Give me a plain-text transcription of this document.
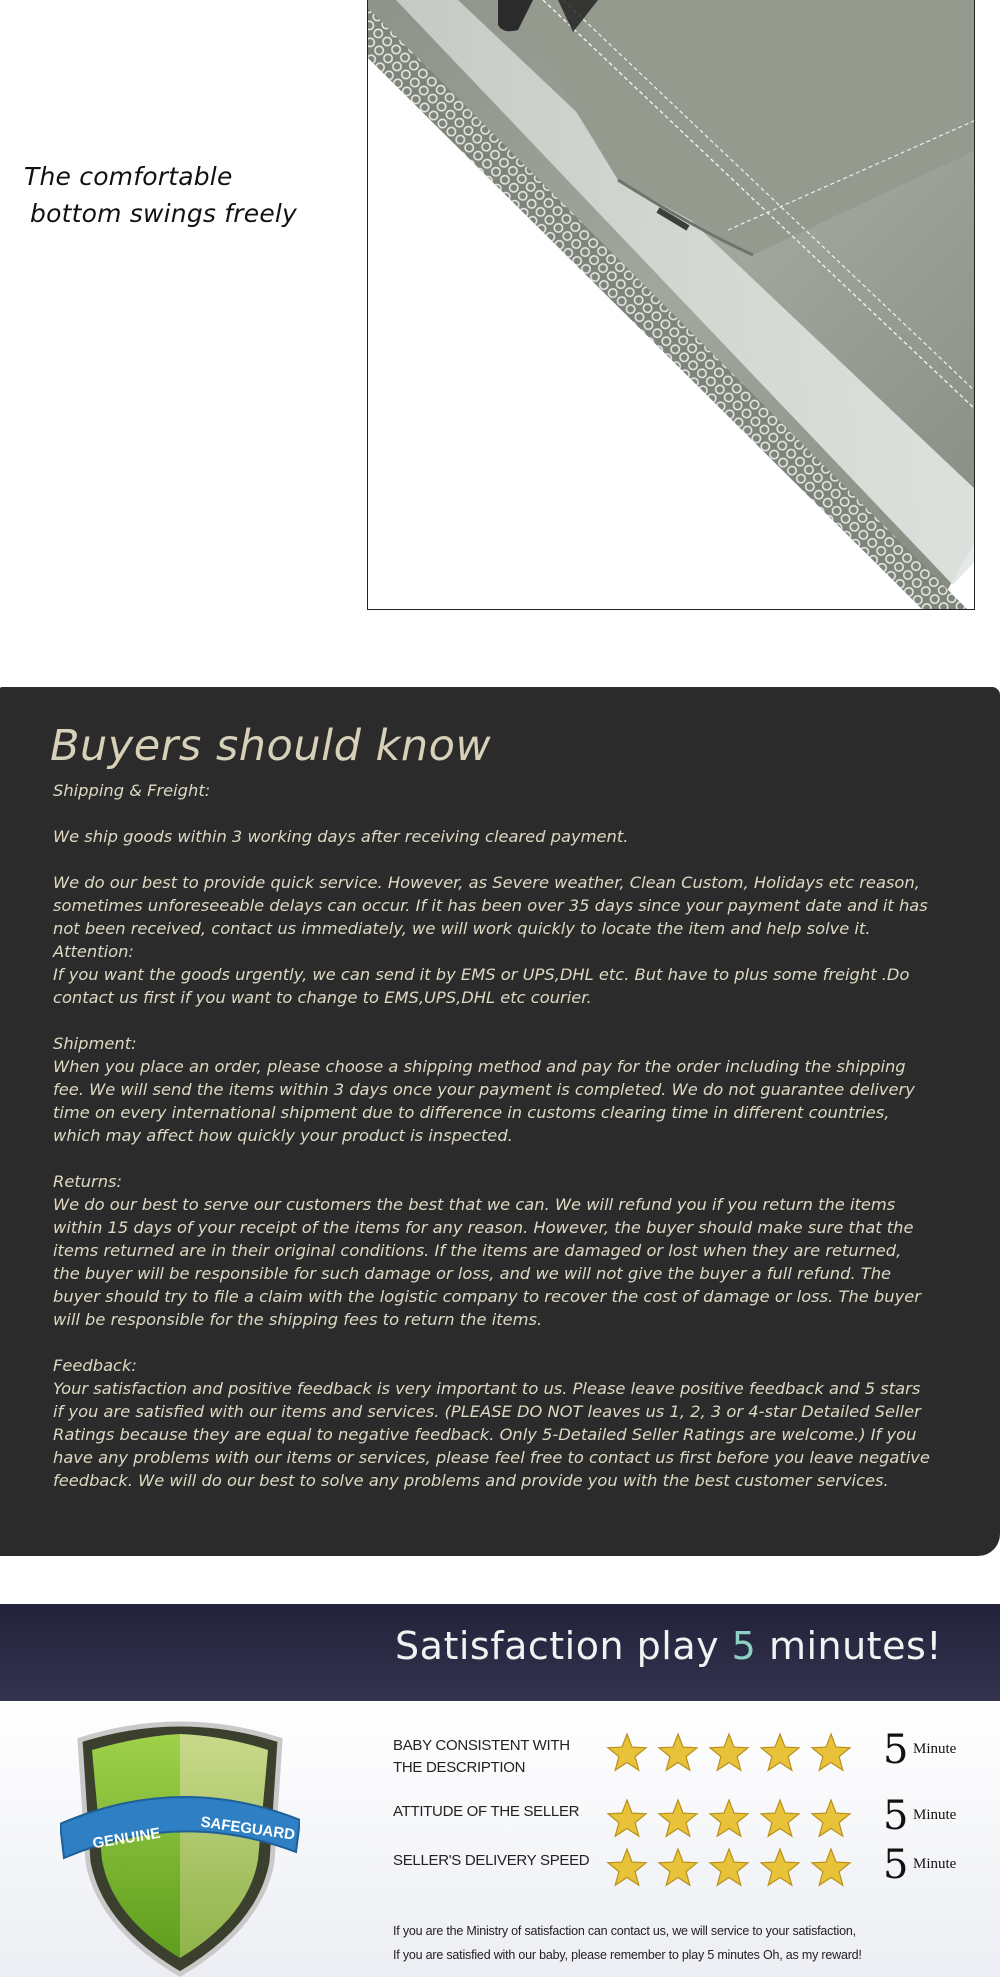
The comfortable
bottom swings freely
Buyers should know

Shipping & Freight:

We ship goods within 3 working days after receiving cleared payment.

We do our best to provide quick service. However, as Severe weather, Clean Custom, Holidays etc reason, sometimes unforeseeable delays can occur. If it has been over 35 days since your payment date and it has not been received, contact us immediately, we will work quickly to locate the item and help solve it.

Attention:

If you want the goods urgently, we can send it by EMS or UPS,DHL etc. But have to plus some freight .Do contact us first if you want to change to EMS,UPS,DHL etc courier.

Shipment:

When you place an order, please choose a shipping method and pay for the order including the shipping fee. We will send the items within 3 days once your payment is completed. We do not guarantee delivery time on every international shipment due to difference in customs clearing time in different countries, which may affect how quickly your product is inspected.

Returns:

We do our best to serve our customers the best that we can. We will refund you if you return the items within 15 days of your receipt of the items for any reason. However, the buyer should make sure that the items returned are in their original conditions. If the items are damaged or lost when they are returned, the buyer will be responsible for such damage or loss, and we will not give the buyer a full refund. The buyer should try to file a claim with the logistic company to recover the cost of damage or loss. The buyer will be responsible for the shipping fees to return the items.

Feedback:

Your satisfaction and positive feedback is very important to us. Please leave positive feedback and 5 stars if you are satisfied with our items and services. (PLEASE DO NOT leaves us 1, 2, 3 or 4-star Detailed Seller Ratings because they are equal to negative feedback. Only 5-Detailed Seller Ratings are welcome.) If you have any problems with our items or services, please feel free to contact us first before you leave negative feedback. We will do our best to solve any problems and provide you with the best customer services.

Satisfaction play 5 minutes!
GENUINE	SAFEGUARD
BABY CONSISTENT WITH THE DESCRIPTION	5 Minute
ATTITUDE OF THE SELLER	5 Minute
SELLER'S DELIVERY SPEED	5 Minute

If you are the Ministry of satisfaction can contact us, we will service to your satisfaction,

If you are satisfied with our baby, please remember to play 5 minutes Oh, as my reward!
